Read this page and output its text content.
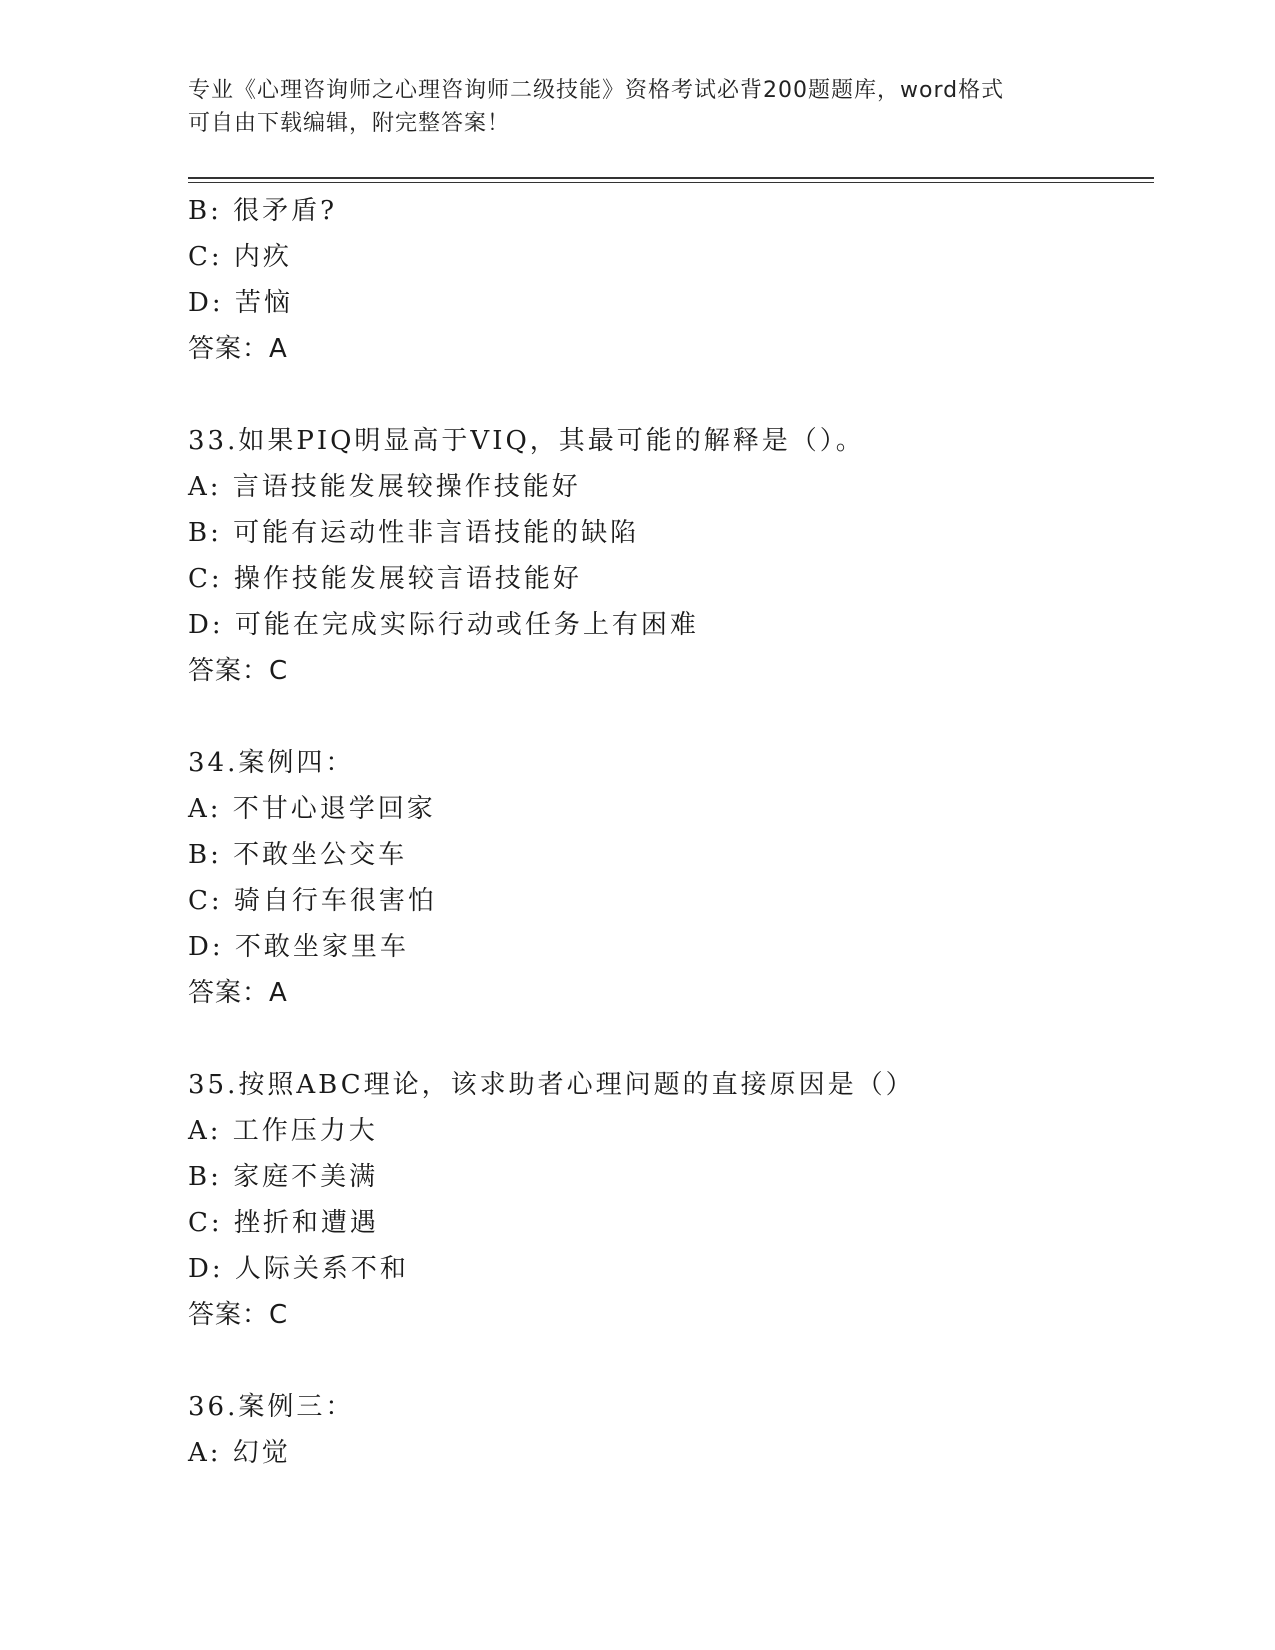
专业《心理咨询师之心理咨询师二级技能》资格考试必背200题题库，word格式
可自由下载编辑，附完整答案！
B: 很矛盾?
C: 内疚
D: 苦恼
答案：A
33.如果PIQ明显高于VIQ，其最可能的解释是（）。
A: 言语技能发展较操作技能好
B: 可能有运动性非言语技能的缺陷
C: 操作技能发展较言语技能好
D: 可能在完成实际行动或任务上有困难
答案：C
34.案例四：
A: 不甘心退学回家
B: 不敢坐公交车
C: 骑自行车很害怕
D: 不敢坐家里车
答案：A
35.按照ABC理论，该求助者心理问题的直接原因是（）
A: 工作压力大
B: 家庭不美满
C: 挫折和遭遇
D: 人际关系不和
答案：C
36.案例三：
A: 幻觉
